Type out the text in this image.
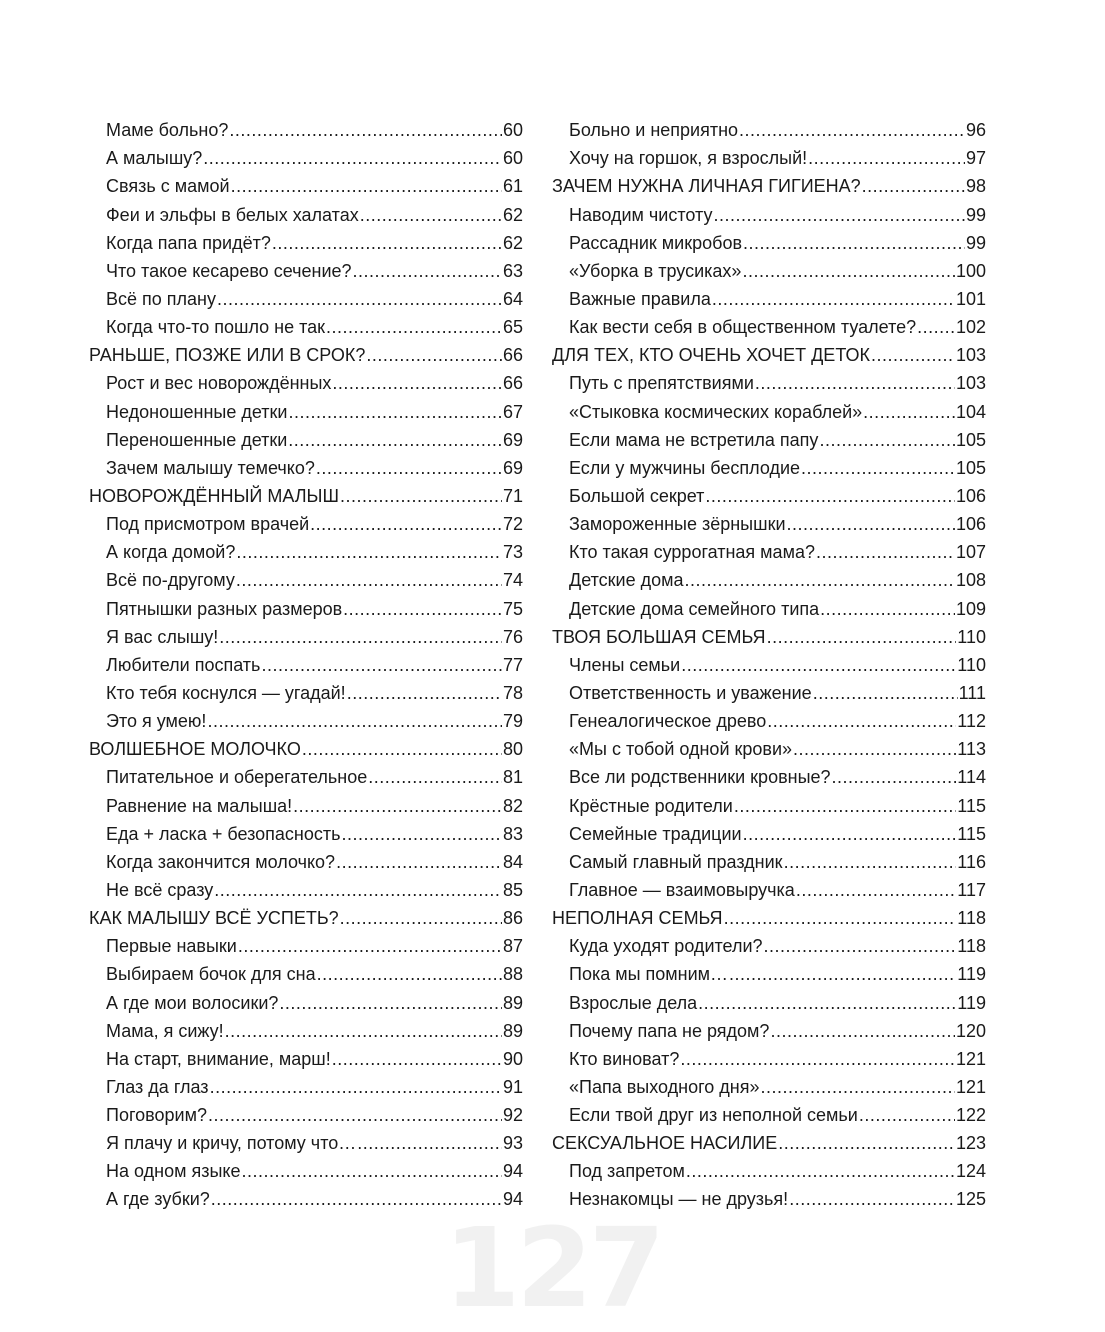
Маме больно? .....	60
А малышу? .....	60
Связь с мамой .....	61
Феи и эльфы в белых халатах .....	62
Когда папа придёт? .....	62
Что такое кесарево сечение? .....	63
Всё по плану .....	64
Когда что-то пошло не так .....	65
РАНЬШЕ, ПОЗЖЕ ИЛИ В СРОК? .....	66
Рост и вес новорождённых .....	66
Недоношенные детки .....	67
Переношенные детки .....	69
Зачем малышу темечко? .....	69
НОВОРОЖДЁННЫЙ МАЛЫШ .....	71
Под присмотром врачей .....	72
А когда домой? .....	73
Всё по-другому .....	74
Пятнышки разных размеров .....	75
Я вас слышу! .....	76
Любители поспать .....	77
Кто тебя коснулся — угадай! .....	78
Это я умею! .....	79
ВОЛШЕБНОЕ МОЛОЧКО .....	80
Питательное и оберегательное .....	81
Равнение на малыша! .....	82
Еда + ласка + безопасность .....	83
Когда закончится молочко? .....	84
Не всё сразу .....	85
КАК МАЛЫШУ ВСЁ УСПЕТЬ? .....	86
Первые навыки .....	87
Выбираем бочок для сна .....	88
А где мои волосики? .....	89
Мама, я сижу! .....	89
На старт, внимание, марш! .....	90
Глаз да глаз .....	91
Поговорим? .....	92
Я плачу и кричу, потому что… .....	93
На одном языке .....	94
А где зубки? .....	94
Больно и неприятно .....	96
Хочу на горшок, я взрослый! .....	97
ЗАЧЕМ НУЖНА ЛИЧНАЯ ГИГИЕНА? .....	98
Наводим чистоту .....	99
Рассадник микробов .....	99
«Уборка в трусиках» .....	100
Важные правила .....	101
Как вести себя в общественном туалете? ..... 102
ДЛЯ ТЕХ, КТО ОЧЕНЬ ХОЧЕТ ДЕТОК .....	103
Путь с препятствиями .....	103
«Стыковка космических кораблей» .....	104
Если мама не встретила папу .....	105
Если у мужчины бесплодие .....	105
Большой секрет .....	106
Замороженные зёрнышки .....	106
Кто такая суррогатная мама? .....	107
Детские дома .....	108
Детские дома семейного типа .....	109
ТВОЯ БОЛЬШАЯ СЕМЬЯ .....	110
Члены семьи .....	110
Ответственность и уважение .....	111
Генеалогическое древо .....	112
«Мы с тобой одной крови» .....	113
Все ли родственники кровные? .....	114
Крёстные родители .....	115
Семейные традиции .....	115
Самый главный праздник .....	116
Главное — взаимовыручка .....	117
НЕПОЛНАЯ СЕМЬЯ .....	118
Куда уходят родители? .....	118
Пока мы помним… .....	119
Взрослые дела .....	119
Почему папа не рядом? .....	120
Кто виноват? .....	121
«Папа выходного дня» .....	121
Если твой друг из неполной семьи .....	122
СЕКСУАЛЬНОЕ НАСИЛИЕ .....	123
Под запретом .....	124
Незнакомцы — не друзья! .....	125
127
